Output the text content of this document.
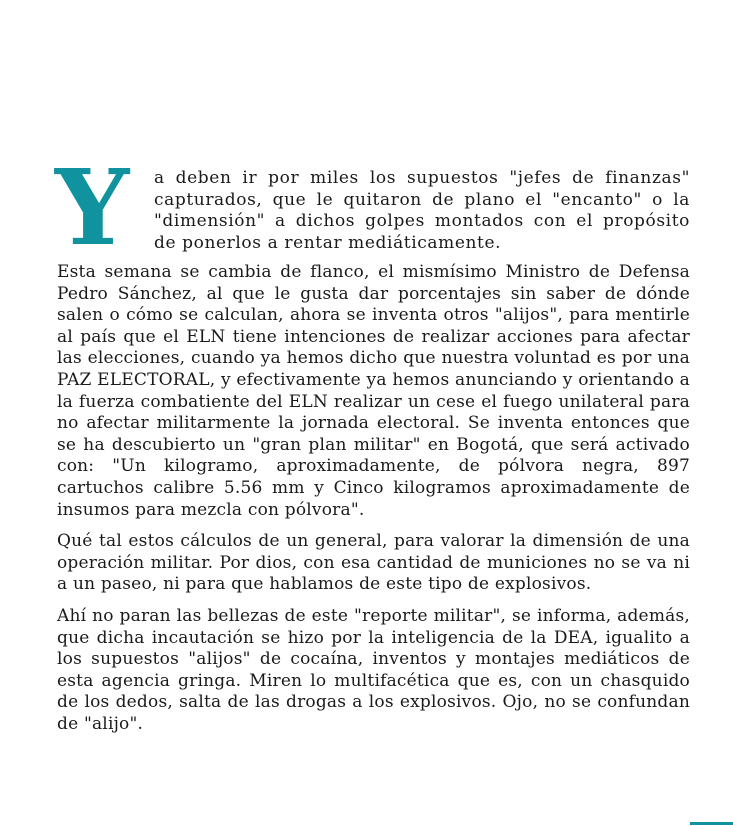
Y a deben ir por miles los supuestos "jefes de finanzas" capturados, que le quitaron de plano el "encanto" o la "dimensión" a dichos golpes montados con el propósito de ponerlos a rentar mediáticamente.

Esta semana se cambia de flanco, el mismísimo Ministro de Defensa Pedro Sánchez, al que le gusta dar porcentajes sin saber de dónde salen o cómo se calculan, ahora se inventa otros "alijos", para mentirle al país que el ELN tiene intenciones de realizar acciones para afectar las elecciones, cuando ya hemos dicho que nuestra voluntad es por una PAZ ELECTORAL, y efectivamente ya hemos anunciando y orientando a la fuerza combatiente del ELN realizar un cese el fuego unilateral para no afectar militarmente la jornada electoral. Se inventa entonces que se ha descubierto un "gran plan militar" en Bogotá, que será activado con: "Un kilogramo, aproximadamente, de pólvora negra, 897 cartuchos calibre 5.56 mm y Cinco kilogramos aproximadamente de insumos para mezcla con pólvora".

Qué tal estos cálculos de un general, para valorar la dimensión de una operación militar. Por dios, con esa cantidad de municiones no se va ni a un paseo, ni para que hablamos de este tipo de explosivos.

Ahí no paran las bellezas de este "reporte militar", se informa, además, que dicha incautación se hizo por la inteligencia de la DEA, igualito a los supuestos "alijos" de cocaína, inventos y montajes mediáticos de esta agencia gringa. Miren lo multifacética que es, con un chasquido de los dedos, salta de las drogas a los explosivos. Ojo, no se confundan de "alijo".
